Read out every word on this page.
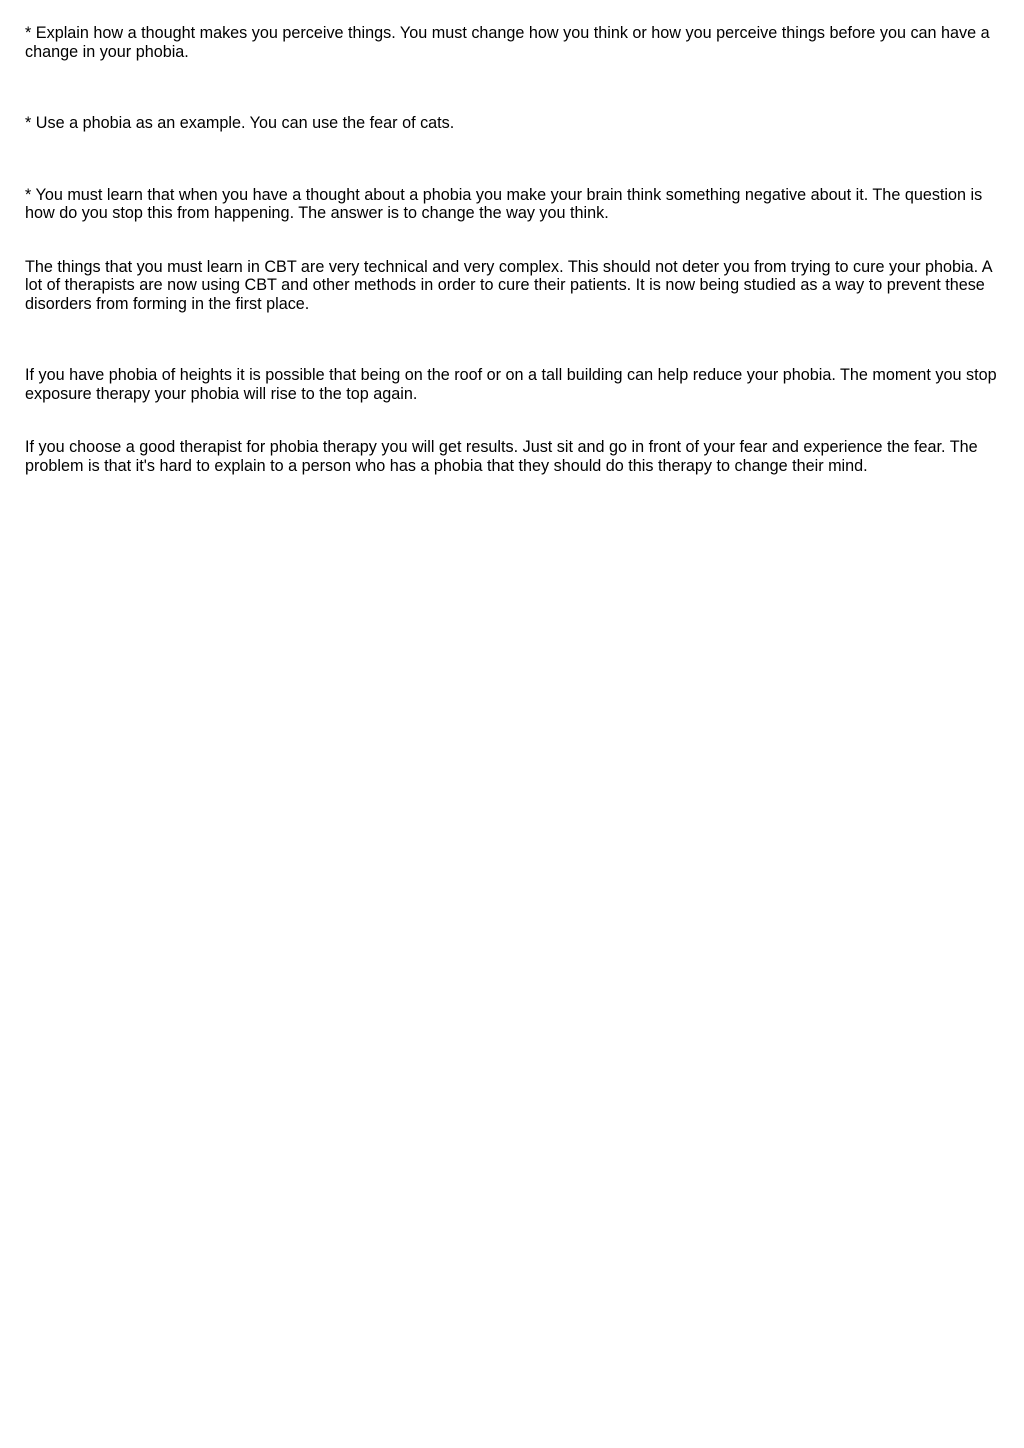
* Explain how a thought makes you perceive things. You must change how you think or how you perceive things before you can have a change in your phobia.

* Use a phobia as an example. You can use the fear of cats.

* You must learn that when you have a thought about a phobia you make your brain think something negative about it. The question is how do you stop this from happening. The answer is to change the way you think.

The things that you must learn in CBT are very technical and very complex. This should not deter you from trying to cure your phobia. A lot of therapists are now using CBT and other methods in order to cure their patients. It is now being studied as a way to prevent these disorders from forming in the first place.

If you have phobia of heights it is possible that being on the roof or on a tall building can help reduce your phobia. The moment you stop exposure therapy your phobia will rise to the top again.

If you choose a good therapist for phobia therapy you will get results. Just sit and go in front of your fear and experience the fear. The problem is that it's hard to explain to a person who has a phobia that they should do this therapy to change their mind.
